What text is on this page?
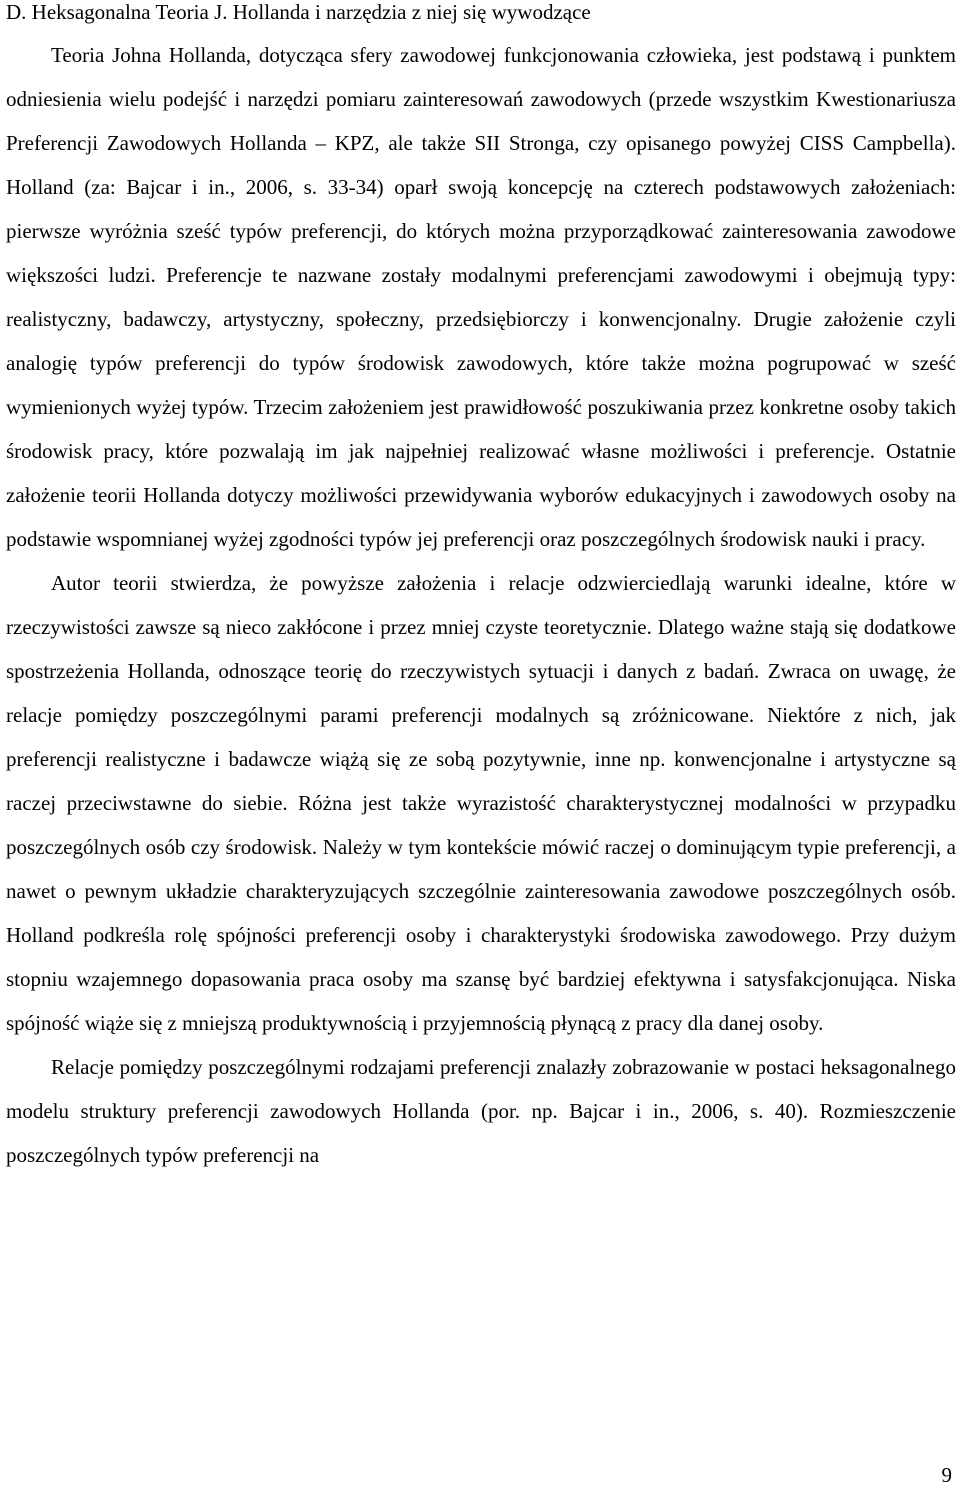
D. Heksagonalna Teoria J. Hollanda i narzędzia z niej się wywodzące

Teoria Johna Hollanda, dotycząca sfery zawodowej funkcjonowania człowieka, jest podstawą i punktem odniesienia wielu podejść i narzędzi pomiaru zainteresowań zawodowych (przede wszystkim Kwestionariusza Preferencji Zawodowych Hollanda – KPZ, ale także SII Stronga, czy opisanego powyżej CISS Campbella). Holland (za: Bajcar i in., 2006, s. 33-34) oparł swoją koncepcję na czterech podstawowych założeniach: pierwsze wyróżnia sześć typów preferencji, do których można przyporządkować zainteresowania zawodowe większości ludzi. Preferencje te nazwane zostały modalnymi preferencjami zawodowymi i obejmują typy: realistyczny, badawczy, artystyczny, społeczny, przedsiębiorczy i konwencjonalny. Drugie założenie czyli analogię typów preferencji do typów środowisk zawodowych, które także można pogrupować w sześć wymienionych wyżej typów. Trzecim założeniem jest prawidłowość poszukiwania przez konkretne osoby takich środowisk pracy, które pozwalają im jak najpełniej realizować własne możliwości i preferencje. Ostatnie założenie teorii Hollanda dotyczy możliwości przewidywania wyborów edukacyjnych i zawodowych osoby na podstawie wspomnianej wyżej zgodności typów jej preferencji oraz poszczególnych środowisk nauki i pracy.

Autor teorii stwierdza, że powyższe założenia i relacje odzwierciedlają warunki idealne, które w rzeczywistości zawsze są nieco zakłócone i przez mniej czyste teoretycznie. Dlatego ważne stają się dodatkowe spostrzeżenia Hollanda, odnoszące teorię do rzeczywistych sytuacji i danych z badań. Zwraca on uwagę, że relacje pomiędzy poszczególnymi parami preferencji modalnych są zróżnicowane. Niektóre z nich, jak preferencji realistyczne i badawcze wiążą się ze sobą pozytywnie, inne np. konwencjonalne i artystyczne są raczej przeciwstawne do siebie. Różna jest także wyrazistość charakterystycznej modalności w przypadku poszczególnych osób czy środowisk. Należy w tym kontekście mówić raczej o dominującym typie preferencji, a nawet o pewnym układzie charakteryzujących szczególnie zainteresowania zawodowe poszczególnych osób. Holland podkreśla rolę spójności preferencji osoby i charakterystyki środowiska zawodowego. Przy dużym stopniu wzajemnego dopasowania praca osoby ma szansę być bardziej efektywna i satysfakcjonująca. Niska spójność wiąże się z mniejszą produktywnością i przyjemnością płynącą z pracy dla danej osoby.

Relacje pomiędzy poszczególnymi rodzajami preferencji znalazły zobrazowanie w postaci heksagonalnego modelu struktury preferencji zawodowych Hollanda (por. np. Bajcar i in., 2006, s. 40). Rozmieszczenie poszczególnych typów preferencji na

9
